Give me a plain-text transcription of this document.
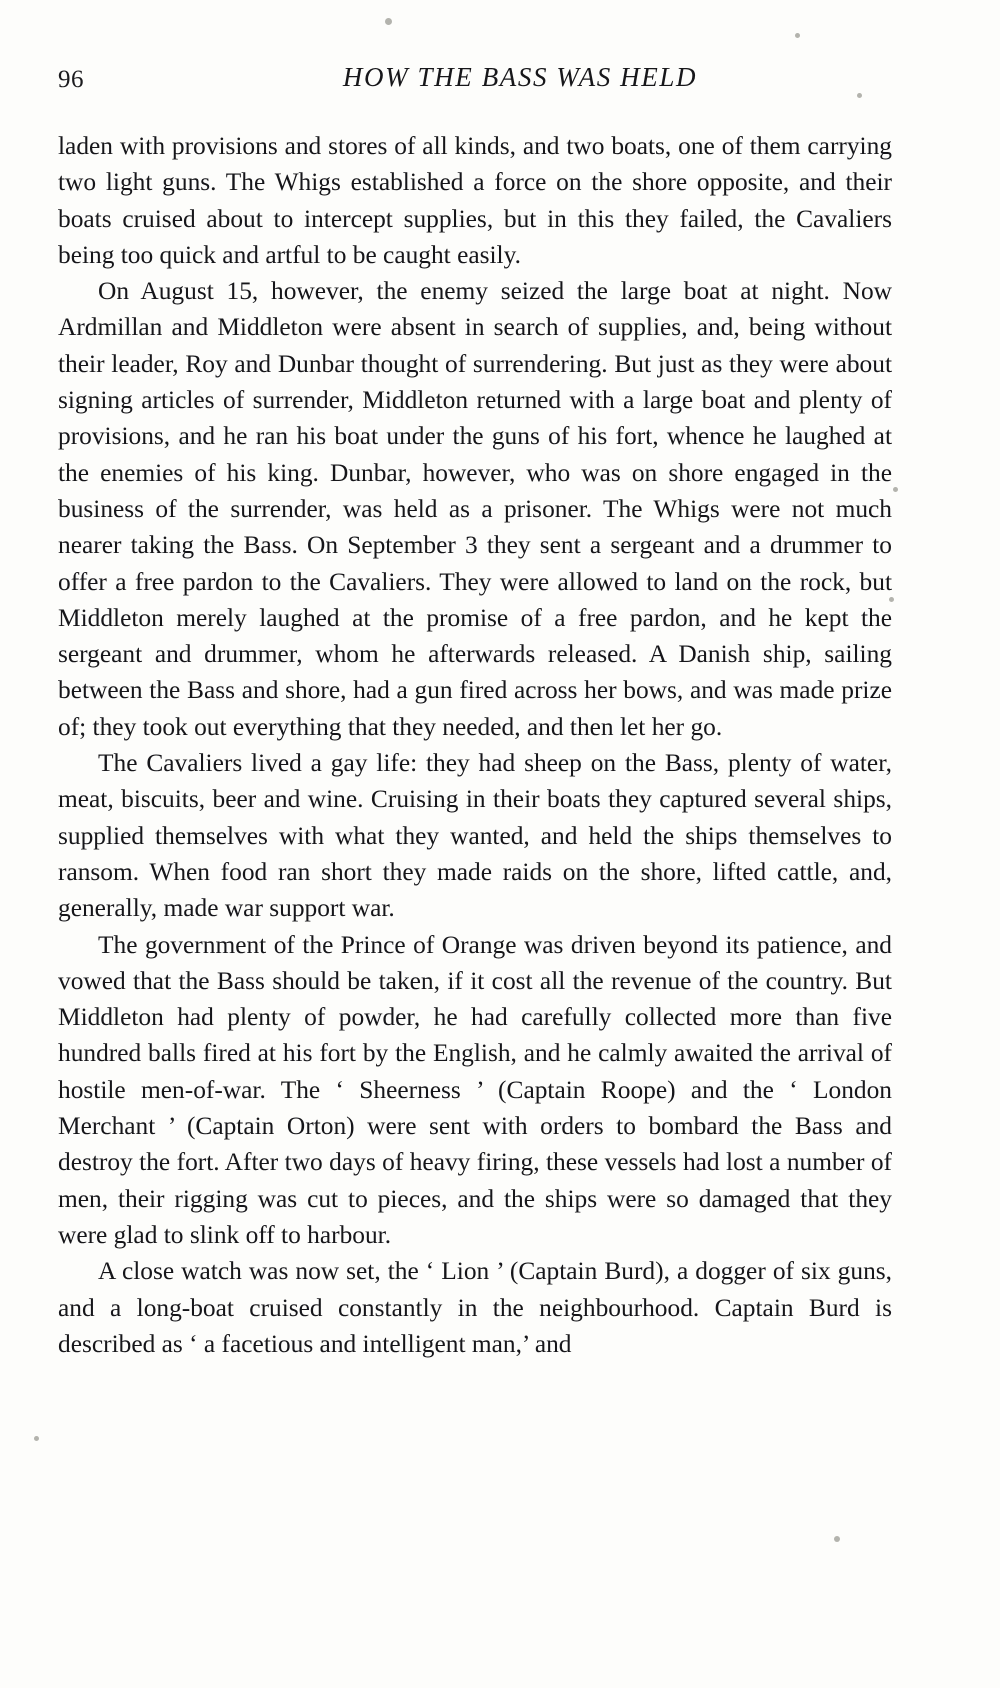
96	HOW THE BASS WAS HELD

laden with provisions and stores of all kinds, and two boats, one of them carrying two light guns. The Whigs established a force on the shore opposite, and their boats cruised about to intercept supplies, but in this they failed, the Cavaliers being too quick and artful to be caught easily.

On August 15, however, the enemy seized the large boat at night. Now Ardmillan and Middleton were absent in search of supplies, and, being without their leader, Roy and Dunbar thought of surrendering. But just as they were about signing articles of surrender, Middleton returned with a large boat and plenty of provisions, and he ran his boat under the guns of his fort, whence he laughed at the enemies of his king. Dunbar, however, who was on shore engaged in the business of the surrender, was held as a prisoner. The Whigs were not much nearer taking the Bass. On September 3 they sent a sergeant and a drummer to offer a free pardon to the Cavaliers. They were allowed to land on the rock, but Middleton merely laughed at the promise of a free pardon, and he kept the sergeant and drummer, whom he afterwards released. A Danish ship, sailing between the Bass and shore, had a gun fired across her bows, and was made prize of; they took out everything that they needed, and then let her go.

The Cavaliers lived a gay life: they had sheep on the Bass, plenty of water, meat, biscuits, beer and wine. Cruising in their boats they captured several ships, supplied themselves with what they wanted, and held the ships themselves to ransom. When food ran short they made raids on the shore, lifted cattle, and, generally, made war support war.

The government of the Prince of Orange was driven beyond its patience, and vowed that the Bass should be taken, if it cost all the revenue of the country. But Middleton had plenty of powder, he had carefully collected more than five hundred balls fired at his fort by the English, and he calmly awaited the arrival of hostile men-of-war. The ‘ Sheerness ’ (Captain Roope) and the ‘ London Merchant ’ (Captain Orton) were sent with orders to bombard the Bass and destroy the fort. After two days of heavy firing, these vessels had lost a number of men, their rigging was cut to pieces, and the ships were so damaged that they were glad to slink off to harbour.

A close watch was now set, the ‘ Lion ’ (Captain Burd), a dogger of six guns, and a long-boat cruised constantly in the neighbourhood. Captain Burd is described as ‘ a facetious and intelligent man,’ and
